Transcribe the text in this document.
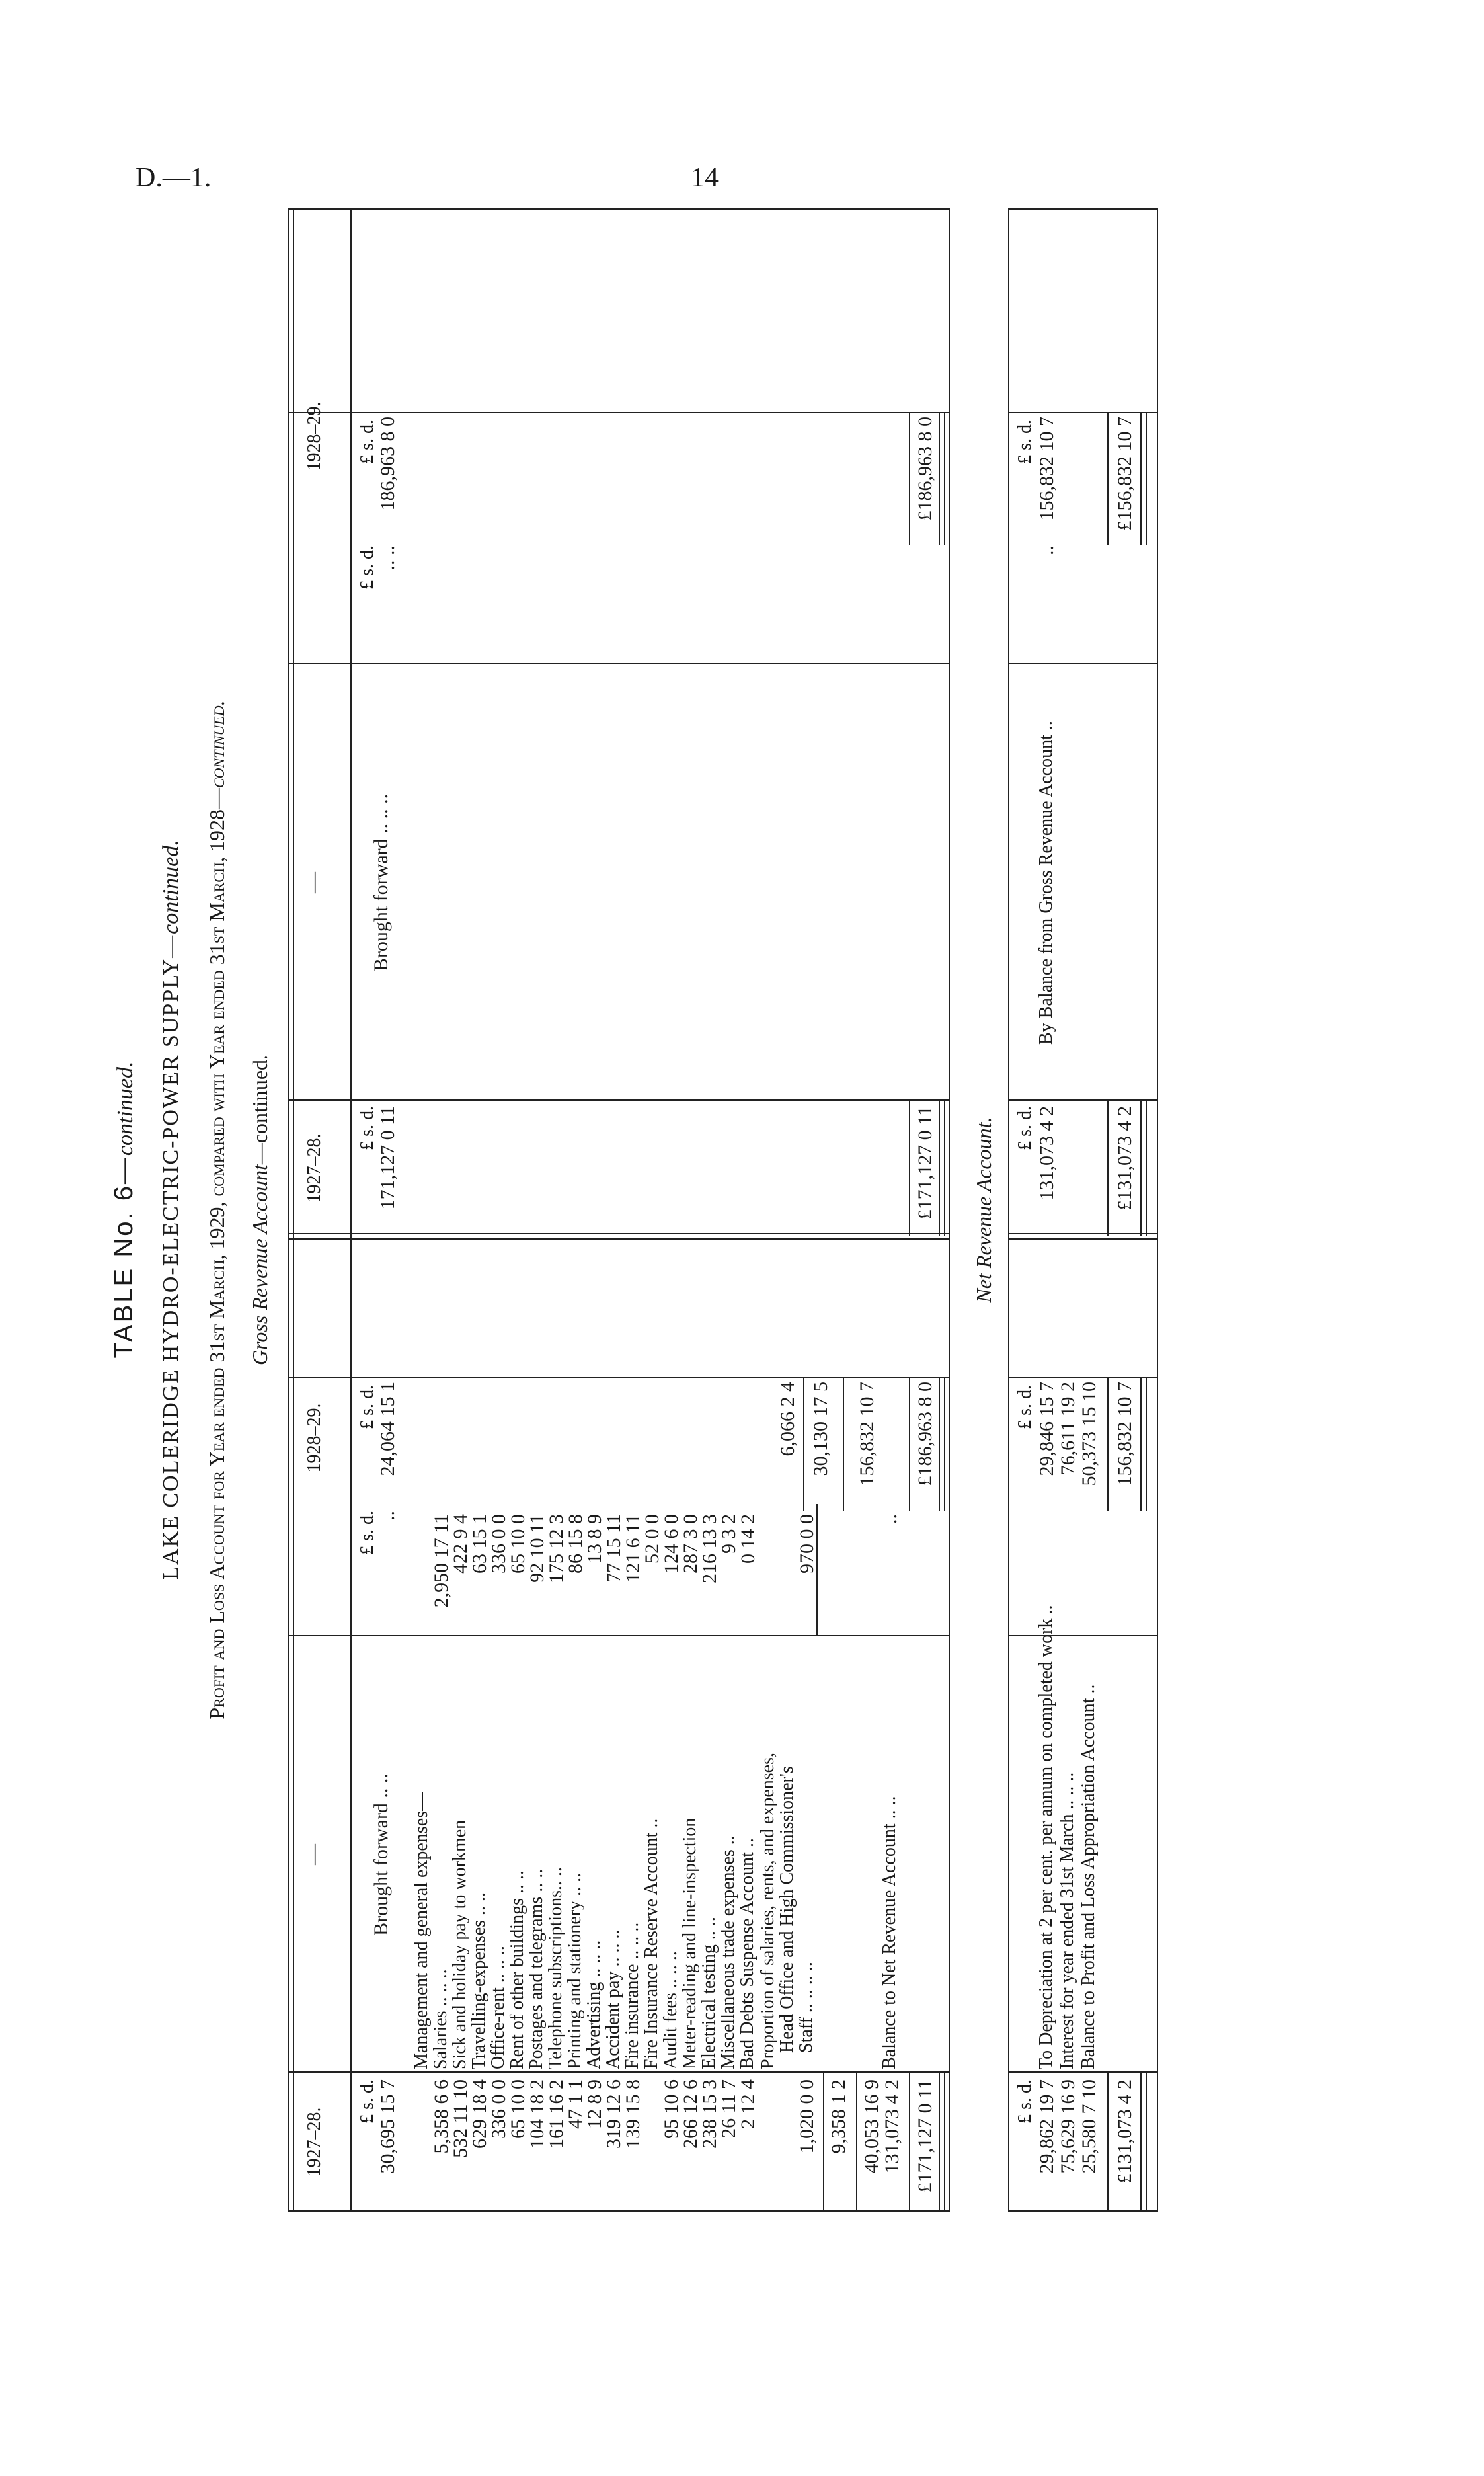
D.—1.	14
TABLE No. 6—continued. LAKE COLERIDGE HYDRO-ELECTRIC-POWER SUPPLY—continued. Profit and Loss Account for Year ended 31st March, 1929, compared with Year ended 31st March, 1928—continued.
Gross Revenue Account—continued.
1927–28.
—
1928–29.
1927–28.
—
1928–29.
£ s. d.
£ s. d.
£ s. d.
£ s. d.
£ s. d.
£ s. d.
30,695 15 7
Brought forward .. ..
..
24,064 15 1
Management and general expenses—
5,358 6 6
Salaries .. .. ..
2,950 17 11
532 11 10
Sick and holiday pay to workmen
422 9 4
629 18 4
Travelling-expenses .. ..
63 15 1
336 0 0
Office-rent .. .. ..
336 0 0
65 10 0
Rent of other buildings .. ..
65 10 0
104 18 2
Postages and telegrams .. ..
92 10 11
161 16 2
Telephone subscriptions.. ..
175 12 3
47 1 1
Printing and stationery .. ..
86 15 8
12 8 9
Advertising .. .. ..
13 8 9
319 12 6
Accident pay .. .. ..
77 15 11
139 15 8
Fire insurance .. .. ..
121 6 11
Fire Insurance Reserve Account ..
52 0 0
95 10 6
Audit fees .. .. ..
124 6 0
266 12 6
Meter-reading and line-inspection
287 3 0
238 15 3
Electrical testing .. ..
216 13 3
26 11 7
Miscellaneous trade expenses ..
9 3 2
2 12 4
Bad Debts Suspense Account ..
0 14 2
Proportion of salaries, rents, and expenses,
Head Office and High Commissioner's
Staff .. .. .. ..
1,020 0 0
970 0 0
6,066 2 4
9,358 1 2
30,130 17 5
40,053 16 9
131,073 4 2
Balance to Net Revenue Account .. ..
..
156,832 10 7
£171,127 0 11
£186,963 8 0
171,127 0 11
Brought forward .. .. ..
.. ..
186,963 8 0
£171,127 0 11
£186,963 8 0
Net Revenue Account.
£ s. d.
£ s. d.
£ s. d.
£ s. d.
29,862 19 7
To Depreciation at 2 per cent. per annum on completed work ..
29,846 15 7
75,629 16 9
Interest for year ended 31st March .. .. ..
76,611 19 2
25,580 7 10
Balance to Profit and Loss Appropriation Account ..
50,373 15 10
£131,073 4 2
156,832 10 7
131,073 4 2
By Balance from Gross Revenue Account ..
..
156,832 10 7
£131,073 4 2
£156,832 10 7
